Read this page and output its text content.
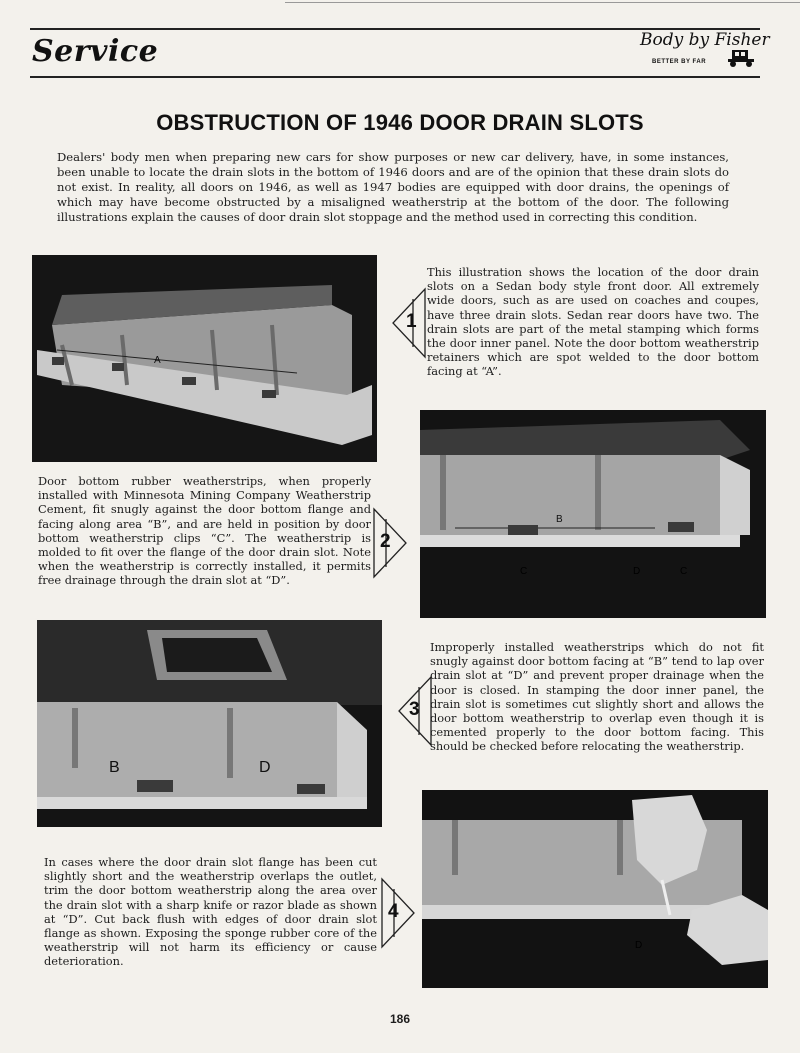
Service	Body by Fisher
BETTER BY FAR
OBSTRUCTION OF 1946 DOOR DRAIN SLOTS
Dealers' body men when preparing new cars for show purposes or new car delivery, have, in some instances, been unable to locate the drain slots in the bottom of 1946 doors and are of the opinion that these drain slots do not exist. In reality, all doors on 1946, as well as 1947 bodies are equipped with door drains, the openings of which may have become obstructed by a misaligned weatherstrip at the bottom of the door. The following illustrations explain the causes of door drain slot stoppage and the method used in correcting this condition.
A
1
This illustration shows the location of the door drain slots on a Sedan body style front door. All extremely wide doors, such as are used on coaches and coupes, have three drain slots. Sedan rear doors have two. The drain slots are part of the metal stamping which forms the door inner panel. Note the door bottom weatherstrip retainers which are spot welded to the door bottom facing at “A”.
B
C	D	C
2
Door bottom rubber weatherstrips, when properly installed with Minnesota Mining Company Weatherstrip Cement, fit snugly against the door bottom flange and facing along area “B”, and are held in position by door bottom weatherstrip clips “C”. The weatherstrip is molded to fit over the flange of the door drain slot. Note when the weatherstrip is correctly installed, it permits free drainage through the drain slot at “D”.
B	D
3
Improperly installed weatherstrips which do not fit snugly against door bottom facing at “B” tend to lap over drain slot at “D” and prevent proper drainage when the door is closed. In stamping the door inner panel, the drain slot is sometimes cut slightly short and allows the door bottom weatherstrip to overlap even though it is cemented properly to the door bottom facing. This should be checked before relocating the weatherstrip.
D
4
In cases where the door drain slot flange has been cut slightly short and the weatherstrip overlaps the outlet, trim the door bottom weatherstrip along the area over the drain slot with a sharp knife or razor blade as shown at “D”. Cut back flush with edges of door drain slot flange as shown. Exposing the sponge rubber core of the weatherstrip will not harm its efficiency or cause deterioration.
186
